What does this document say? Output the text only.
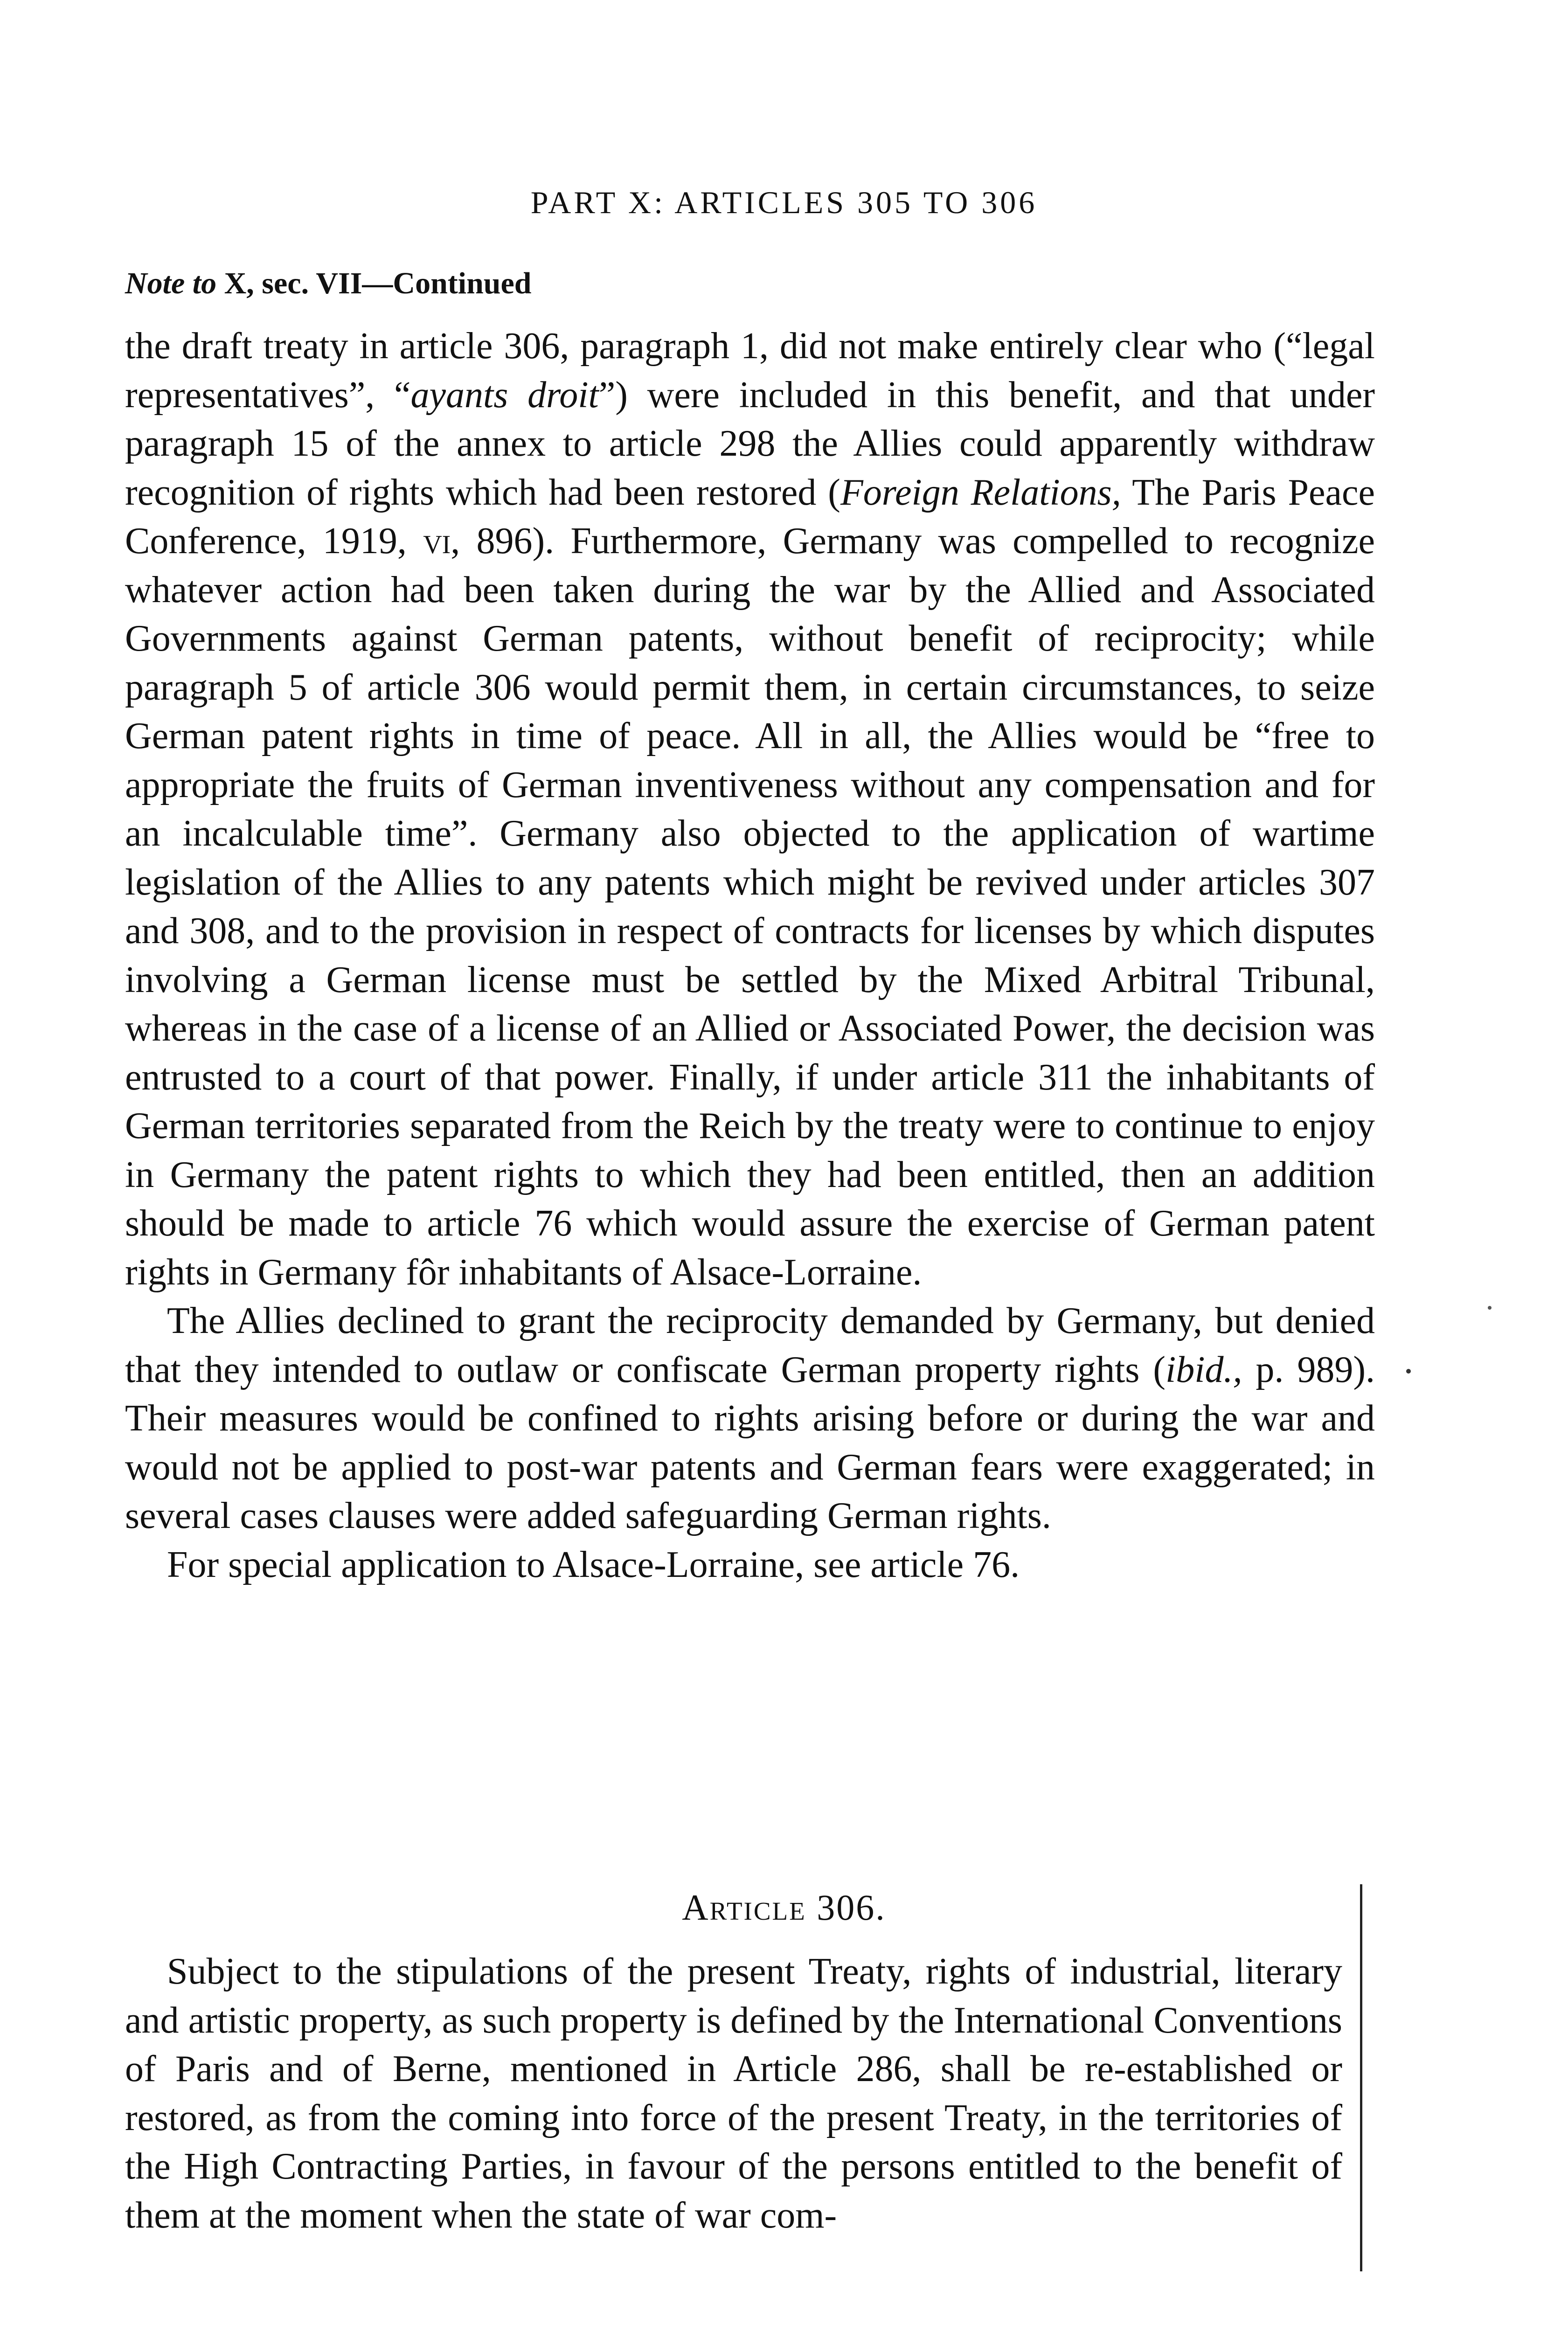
PART X: ARTICLES 305 TO 306
Note to X, sec. VII—Continued

the draft treaty in article 306, paragraph 1, did not make entirely clear who (“legal representatives”, “ayants droit”) were included in this benefit, and that under paragraph 15 of the annex to article 298 the Allies could apparently withdraw recognition of rights which had been restored (Foreign Relations, The Paris Peace Conference, 1919, vi, 896). Furthermore, Germany was compelled to recognize whatever action had been taken during the war by the Allied and Associated Governments against German patents, without benefit of reciprocity; while paragraph 5 of article 306 would permit them, in certain circumstances, to seize German patent rights in time of peace. All in all, the Allies would be “free to appropriate the fruits of German inventiveness without any compensation and for an incalculable time”. Germany also objected to the application of wartime legislation of the Allies to any patents which might be revived under articles 307 and 308, and to the provision in respect of contracts for licenses by which disputes involving a German license must be settled by the Mixed Arbitral Tribunal, whereas in the case of a license of an Allied or Associated Power, the decision was entrusted to a court of that power. Finally, if under article 311 the inhabitants of German territories separated from the Reich by the treaty were to continue to enjoy in Germany the patent rights to which they had been entitled, then an addition should be made to article 76 which would assure the exercise of German patent rights in Germany fôr inhabitants of Alsace-Lorraine.

The Allies declined to grant the reciprocity demanded by Germany, but denied that they intended to outlaw or confiscate German property rights (ibid., p. 989). Their measures would be confined to rights arising before or during the war and would not be applied to post-war patents and German fears were exaggerated; in several cases clauses were added safeguarding German rights.

For special application to Alsace-Lorraine, see article 76.

Article 306.

Subject to the stipulations of the present Treaty, rights of industrial, literary and artistic property, as such property is defined by the International Conventions of Paris and of Berne, mentioned in Article 286, shall be re-established or restored, as from the coming into force of the present Treaty, in the territories of the High Contracting Parties, in favour of the persons entitled to the benefit of them at the moment when the state of war com-
